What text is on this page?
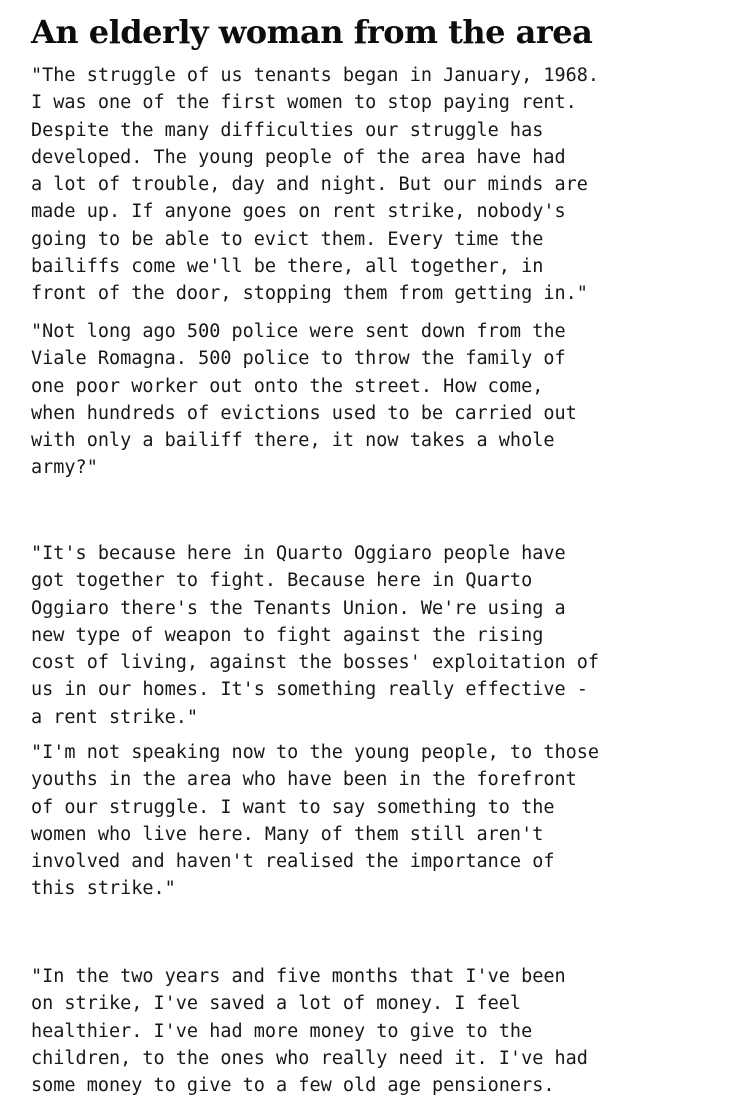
An elderly woman from the area

"The struggle of us tenants began in January, 1968.
I was one of the first women to stop paying rent.
Despite the many difficulties our struggle has
developed. The young people of the area have had
a lot of trouble, day and night. But our minds are
made up. If anyone goes on rent strike, nobody's
going to be able to evict them. Every time the
bailiffs come we'll be there, all together, in
front of the door, stopping them from getting in."

"Not long ago 500 police were sent down from the
Viale Romagna. 500 police to throw the family of
one poor worker out onto the street. How come,
when hundreds of evictions used to be carried out
with only a bailiff there, it now takes a whole
army?"

"It's because here in Quarto Oggiaro people have
got together to fight. Because here in Quarto
Oggiaro there's the Tenants Union. We're using a
new type of weapon to fight against the rising
cost of living, against the bosses' exploitation of
us in our homes. It's something really effective -
a rent strike."

"I'm not speaking now to the young people, to those
youths in the area who have been in the forefront
of our struggle. I want to say something to the
women who live here. Many of them still aren't
involved and haven't realised the importance of
this strike."

"In the two years and five months that I've been
on strike, I've saved a lot of money. I feel
healthier. I've had more money to give to the
children, to the ones who really need it. I've had
some money to give to a few old age pensioners.
